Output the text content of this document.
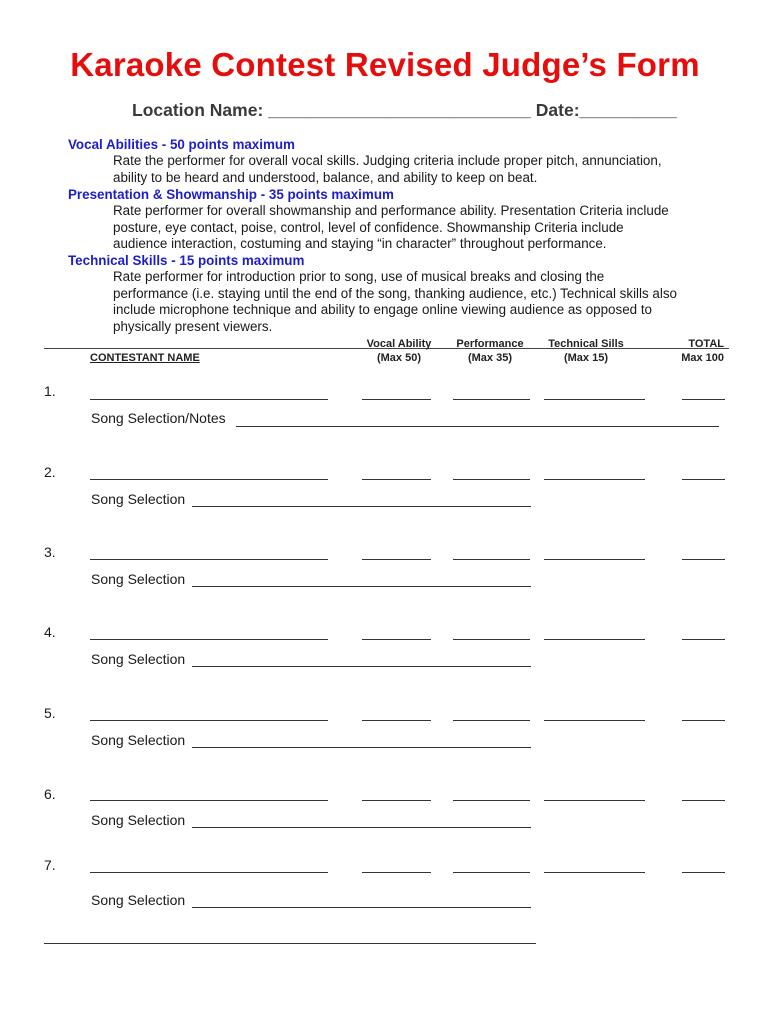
Karaoke Contest Revised Judge’s Form
Location Name: ___________________________ Date:__________
Vocal Abilities - 50 points maximum
Rate the performer for overall vocal skills. Judging criteria include proper pitch, annunciation,
ability to be heard and understood, balance, and ability to keep on beat.
Presentation & Showmanship - 35 points maximum
Rate performer for overall showmanship and performance ability. Presentation Criteria include
posture, eye contact, poise, control, level of confidence. Showmanship Criteria include
audience interaction, costuming and staying “in character” throughout performance.
Technical Skills - 15 points maximum
Rate performer for introduction prior to song, use of musical breaks and closing the
performance (i.e. staying until the end of the song, thanking audience, etc.) Technical skills also
include microphone technique and ability to engage online viewing audience as opposed to
physically present viewers.
CONTESTANT NAME
Vocal Ability
(Max 50)
Performance
(Max 35)
Technical Sills
(Max 15)
TOTAL
Max 100
1.
Song Selection/Notes
2.
Song Selection
3.
Song Selection
4.
Song Selection
5.
Song Selection
6.
Song Selection
7.
Song Selection
